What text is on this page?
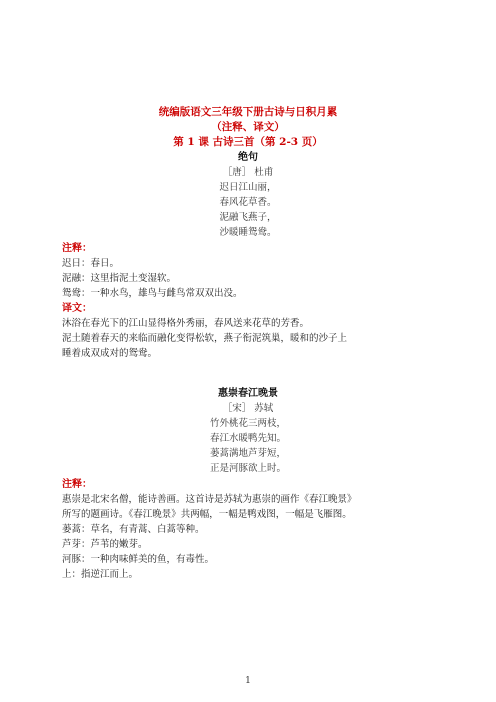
统编版语文三年级下册古诗与日积月累
（注释、译文）
第 1 课 古诗三首（第 2-3 页）
绝句
［唐］ 杜甫
迟日江山丽，
春风花草香。
泥融飞燕子，
沙暖睡鸳鸯。
注释：
迟日：春日。
泥融：这里指泥土变湿软。
鸳鸯：一种水鸟，雄鸟与雌鸟常双双出没。
译文：
沐浴在春光下的江山显得格外秀丽，春风送来花草的芳香。
泥土随着春天的来临而融化变得松软，燕子衔泥筑巢，暖和的沙子上
睡着成双成对的鸳鸯。
惠崇春江晚景
［宋］ 苏轼
竹外桃花三两枝，
春江水暖鸭先知。
蒌蒿满地芦芽短，
正是河豚欲上时。
注释：
惠崇是北宋名僧，能诗善画。这首诗是苏轼为惠崇的画作《春江晚景》
所写的题画诗。《春江晚景》共两幅，一幅是鸭戏图，一幅是飞雁图。
蒌蒿：草名，有青蒿、白蒿等种。
芦芽：芦苇的嫩芽。
河豚：一种肉味鲜美的鱼，有毒性。
上：指逆江而上。
1
